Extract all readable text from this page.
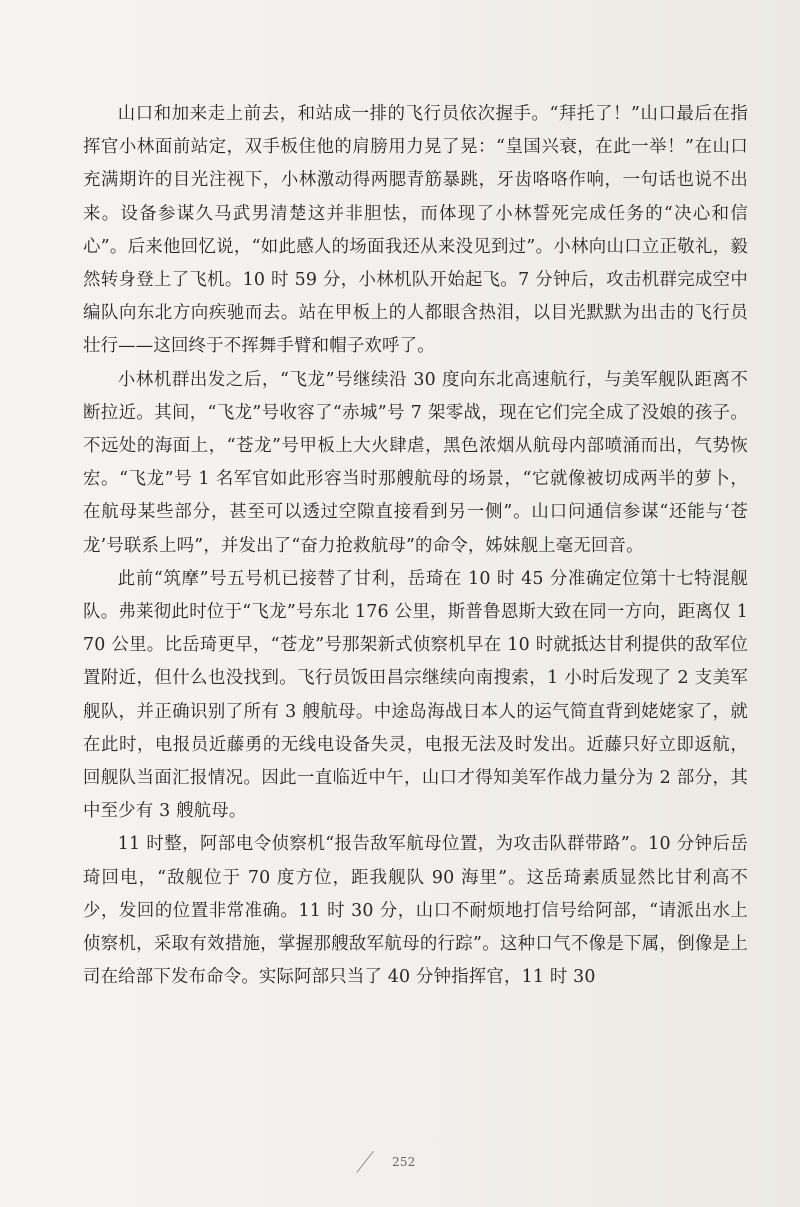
山口和加来走上前去，和站成一排的飞行员依次握手。“拜托了！”山口最后在指挥官小林面前站定，双手板住他的肩膀用力晃了晃：“皇国兴衰，在此一举！”在山口充满期许的目光注视下，小林激动得两腮青筋暴跳，牙齿咯咯作响，一句话也说不出来。设备参谋久马武男清楚这并非胆怯，而体现了小林誓死完成任务的“决心和信心”。后来他回忆说，“如此感人的场面我还从来没见到过”。小林向山口立正敬礼，毅然转身登上了飞机。10 时 59 分，小林机队开始起飞。7 分钟后，攻击机群完成空中编队向东北方向疾驰而去。站在甲板上的人都眼含热泪，以目光默默为出击的飞行员壮行——这回终于不挥舞手臂和帽子欢呼了。

小林机群出发之后，“飞龙”号继续沿 30 度向东北高速航行，与美军舰队距离不断拉近。其间，“飞龙”号收容了“赤城”号 7 架零战，现在它们完全成了没娘的孩子。不远处的海面上，“苍龙”号甲板上大火肆虐，黑色浓烟从航母内部喷涌而出，气势恢宏。“飞龙”号 1 名军官如此形容当时那艘航母的场景，“它就像被切成两半的萝卜，在航母某些部分，甚至可以透过空隙直接看到另一侧”。山口问通信参谋“还能与‘苍龙’号联系上吗”，并发出了“奋力抢救航母”的命令，姊妹舰上毫无回音。

此前“筑摩”号五号机已接替了甘利，岳琦在 10 时 45 分准确定位第十七特混舰队。弗莱彻此时位于“飞龙”号东北 176 公里，斯普鲁恩斯大致在同一方向，距离仅 170 公里。比岳琦更早，“苍龙”号那架新式侦察机早在 10 时就抵达甘利提供的敌军位置附近，但什么也没找到。飞行员饭田昌宗继续向南搜索，1 小时后发现了 2 支美军舰队，并正确识别了所有 3 艘航母。中途岛海战日本人的运气简直背到姥姥家了，就在此时，电报员近藤勇的无线电设备失灵，电报无法及时发出。近藤只好立即返航，回舰队当面汇报情况。因此一直临近中午，山口才得知美军作战力量分为 2 部分，其中至少有 3 艘航母。

11 时整，阿部电令侦察机“报告敌军航母位置，为攻击队群带路”。10 分钟后岳琦回电，“敌舰位于 70 度方位，距我舰队 90 海里”。这岳琦素质显然比甘利高不少，发回的位置非常准确。11 时 30 分，山口不耐烦地打信号给阿部，“请派出水上侦察机，采取有效措施，掌握那艘敌军航母的行踪”。这种口气不像是下属，倒像是上司在给部下发布命令。实际阿部只当了 40 分钟指挥官，11 时 30

252
